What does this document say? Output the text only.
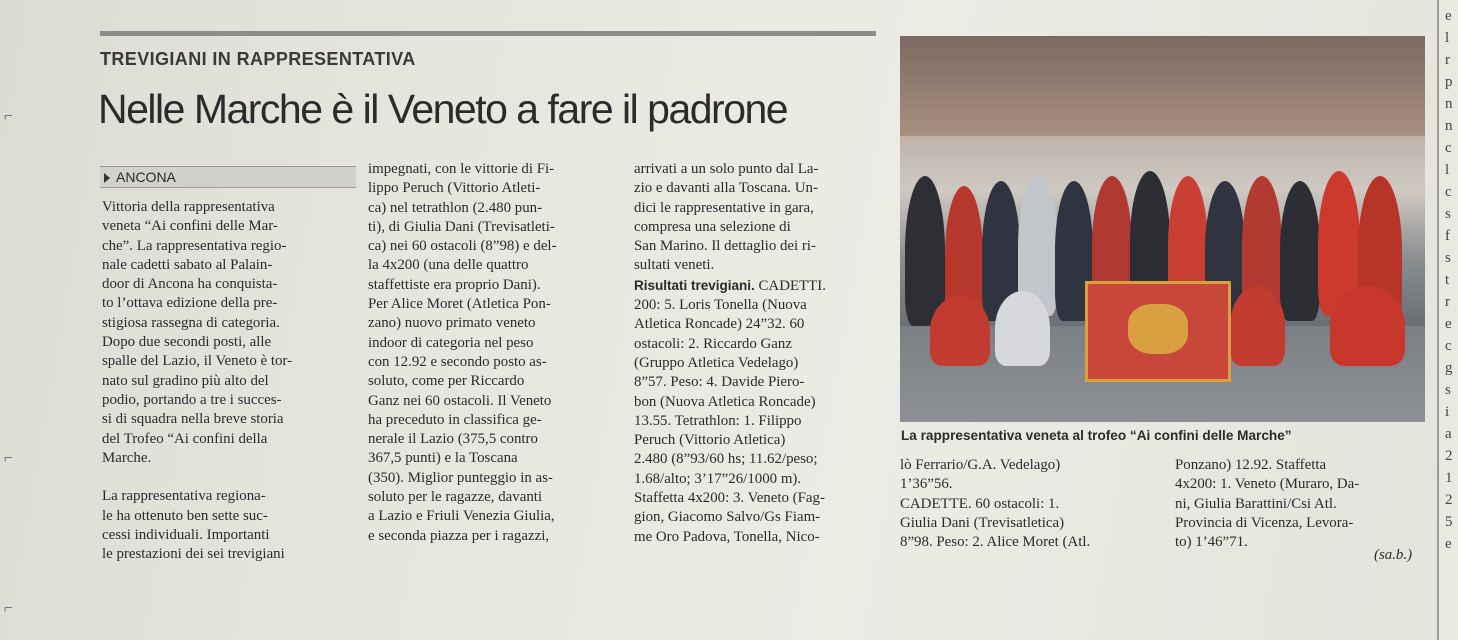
TREVIGIANI IN RAPPRESENTATIVA
Nelle Marche è il Veneto a fare il padrone
ANCONA
Vittoria della rappresentativa
veneta “Ai confini delle Mar-
che”. La rappresentativa regio-
nale cadetti sabato al Palain-
door di Ancona ha conquista-
to l’ottava edizione della pre-
stigiosa rassegna di categoria.
Dopo due secondi posti, alle
spalle del Lazio, il Veneto è tor-
nato sul gradino più alto del
podio, portando a tre i succes-
si di squadra nella breve storia
del Trofeo “Ai confini della
Marche.

La rappresentativa regiona-
le ha ottenuto ben sette suc-
cessi individuali. Importanti
le prestazioni dei sei trevigiani
impegnati, con le vittorie di Fi-
lippo Peruch (Vittorio Atleti-
ca) nel tetrathlon (2.480 pun-
ti), di Giulia Dani (Trevisatleti-
ca) nei 60 ostacoli (8”98) e del-
la 4x200 (una delle quattro
staffettiste era proprio Dani).
Per Alice Moret (Atletica Pon-
zano) nuovo primato veneto
indoor di categoria nel peso
con 12.92 e secondo posto as-
soluto, come per Riccardo
Ganz nei 60 ostacoli. Il Veneto
ha preceduto in classifica ge-
nerale il Lazio (375,5 contro
367,5 punti) e la Toscana
(350). Miglior punteggio in as-
soluto per le ragazze, davanti
a Lazio e Friuli Venezia Giulia,
e seconda piazza per i ragazzi,
arrivati a un solo punto dal La-
zio e davanti alla Toscana. Un-
dici le rappresentative in gara,
compresa una selezione di
San Marino. Il dettaglio dei ri-
sultati veneti.
Risultati trevigiani. CADETTI.
200: 5. Loris Tonella (Nuova
Atletica Roncade) 24”32. 60
ostacoli: 2. Riccardo Ganz
(Gruppo Atletica Vedelago)
8”57. Peso: 4. Davide Piero-
bon (Nuova Atletica Roncade)
13.55. Tetrathlon: 1. Filippo
Peruch (Vittorio Atletica)
2.480 (8”93/60 hs; 11.62/peso;
1.68/alto; 3’17”26/1000 m).
Staffetta 4x200: 3. Veneto (Fag-
gion, Giacomo Salvo/Gs Fiam-
me Oro Padova, Tonella, Nico-
lò Ferrario/G.A. Vedelago)
1’36”56.
CADETTE. 60 ostacoli: 1.
Giulia Dani (Trevisatletica)
8”98. Peso: 2. Alice Moret (Atl.
Ponzano) 12.92. Staffetta
4x200: 1. Veneto (Muraro, Da-
ni, Giulia Barattini/Csi Atl.
Provincia di Vicenza, Levora-
to) 1’46”71.
(sa.b.)
La rappresentativa veneta al trofeo “Ai confini delle Marche”
e
l
r
p
n
n
c
l
c
s
f
s
t
r
e
c
g
s
i
a
2
1
2
5
e
⌐
⌐
⌐
